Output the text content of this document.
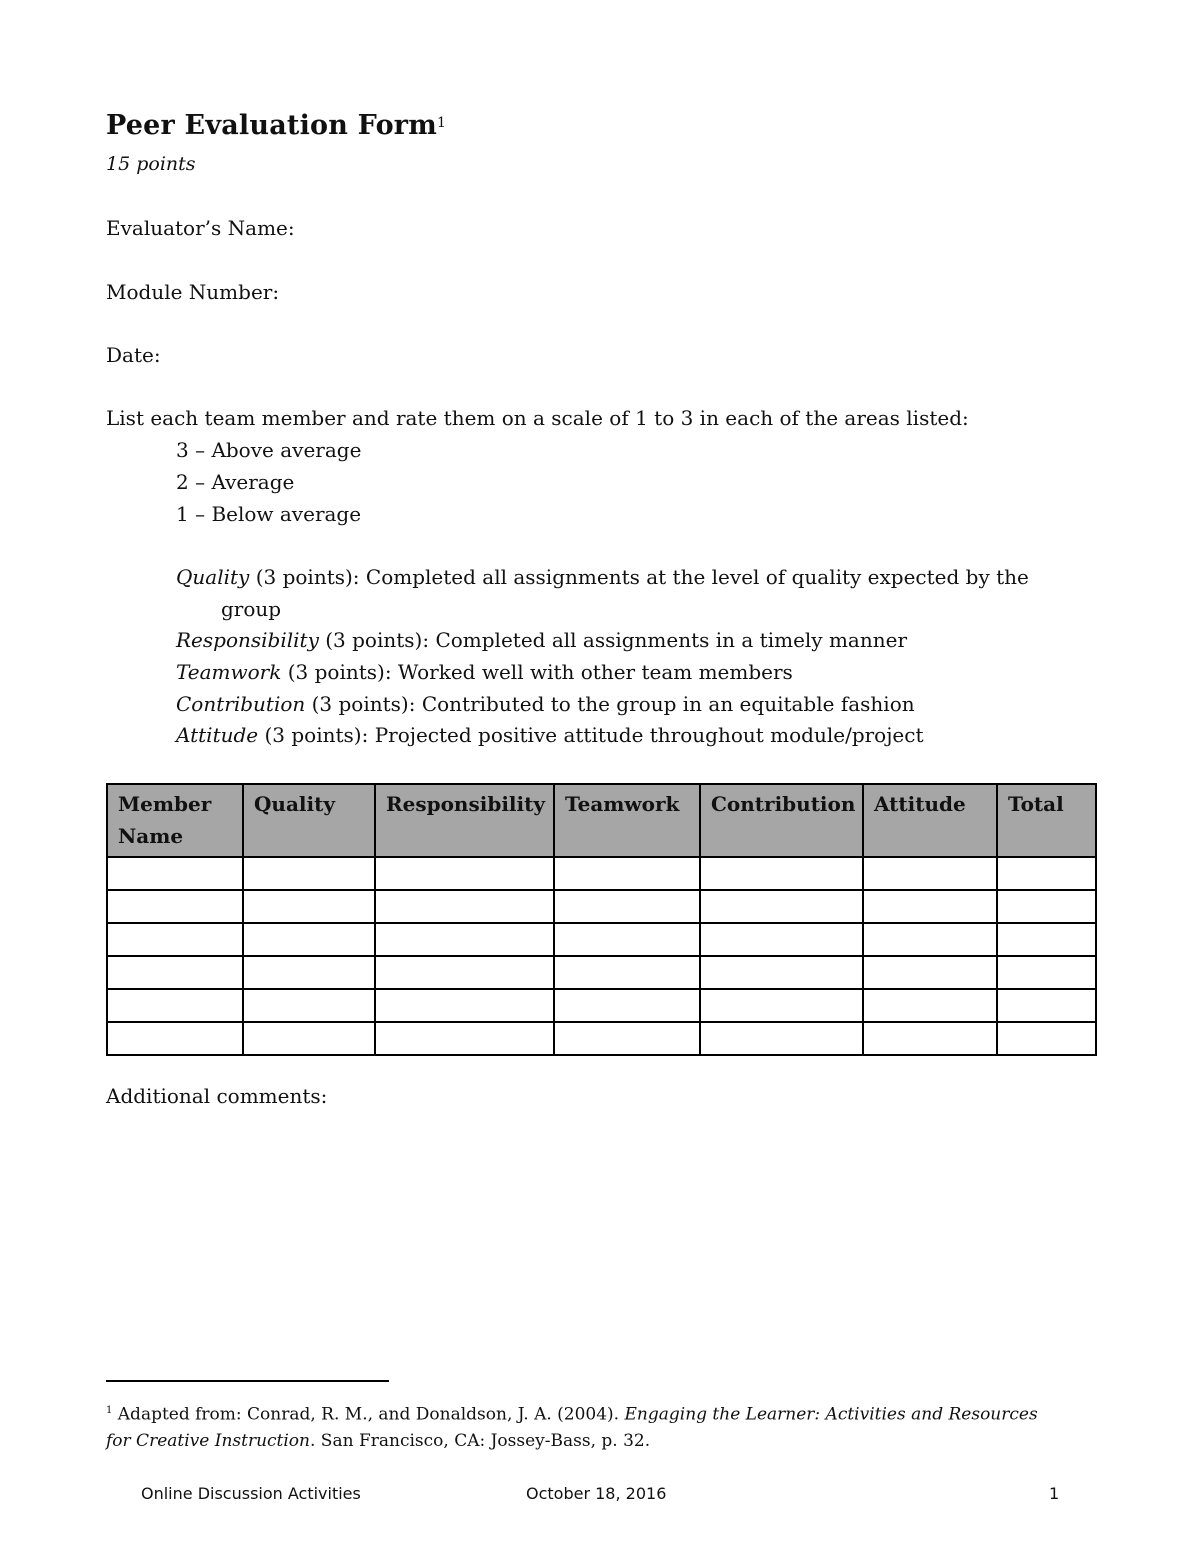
Peer Evaluation Form$^1$
15 points
Evaluator’s Name:
Module Number:
Date:
List each team member and rate them on a scale of 1 to 3 in each of the areas listed:
3 – Above average
2 – Average
1 – Below average
Quality (3 points): Completed all assignments at the level of quality expected by the
group
Responsibility (3 points): Completed all assignments in a timely manner
Teamwork (3 points): Worked well with other team members
Contribution (3 points): Contributed to the group in an equitable fashion
Attitude (3 points): Projected positive attitude throughout module/project
Member Name	Quality	Responsibility	Teamwork	Contribution	Attitude	Total

Additional comments:
$^1$ Adapted from: Conrad, R. M., and Donaldson, J. A. (2004). Engaging the Learner: Activities and Resources for Creative Instruction. San Francisco, CA: Jossey-Bass, p. 32.
Online Discussion Activities	October 18, 2016	1
